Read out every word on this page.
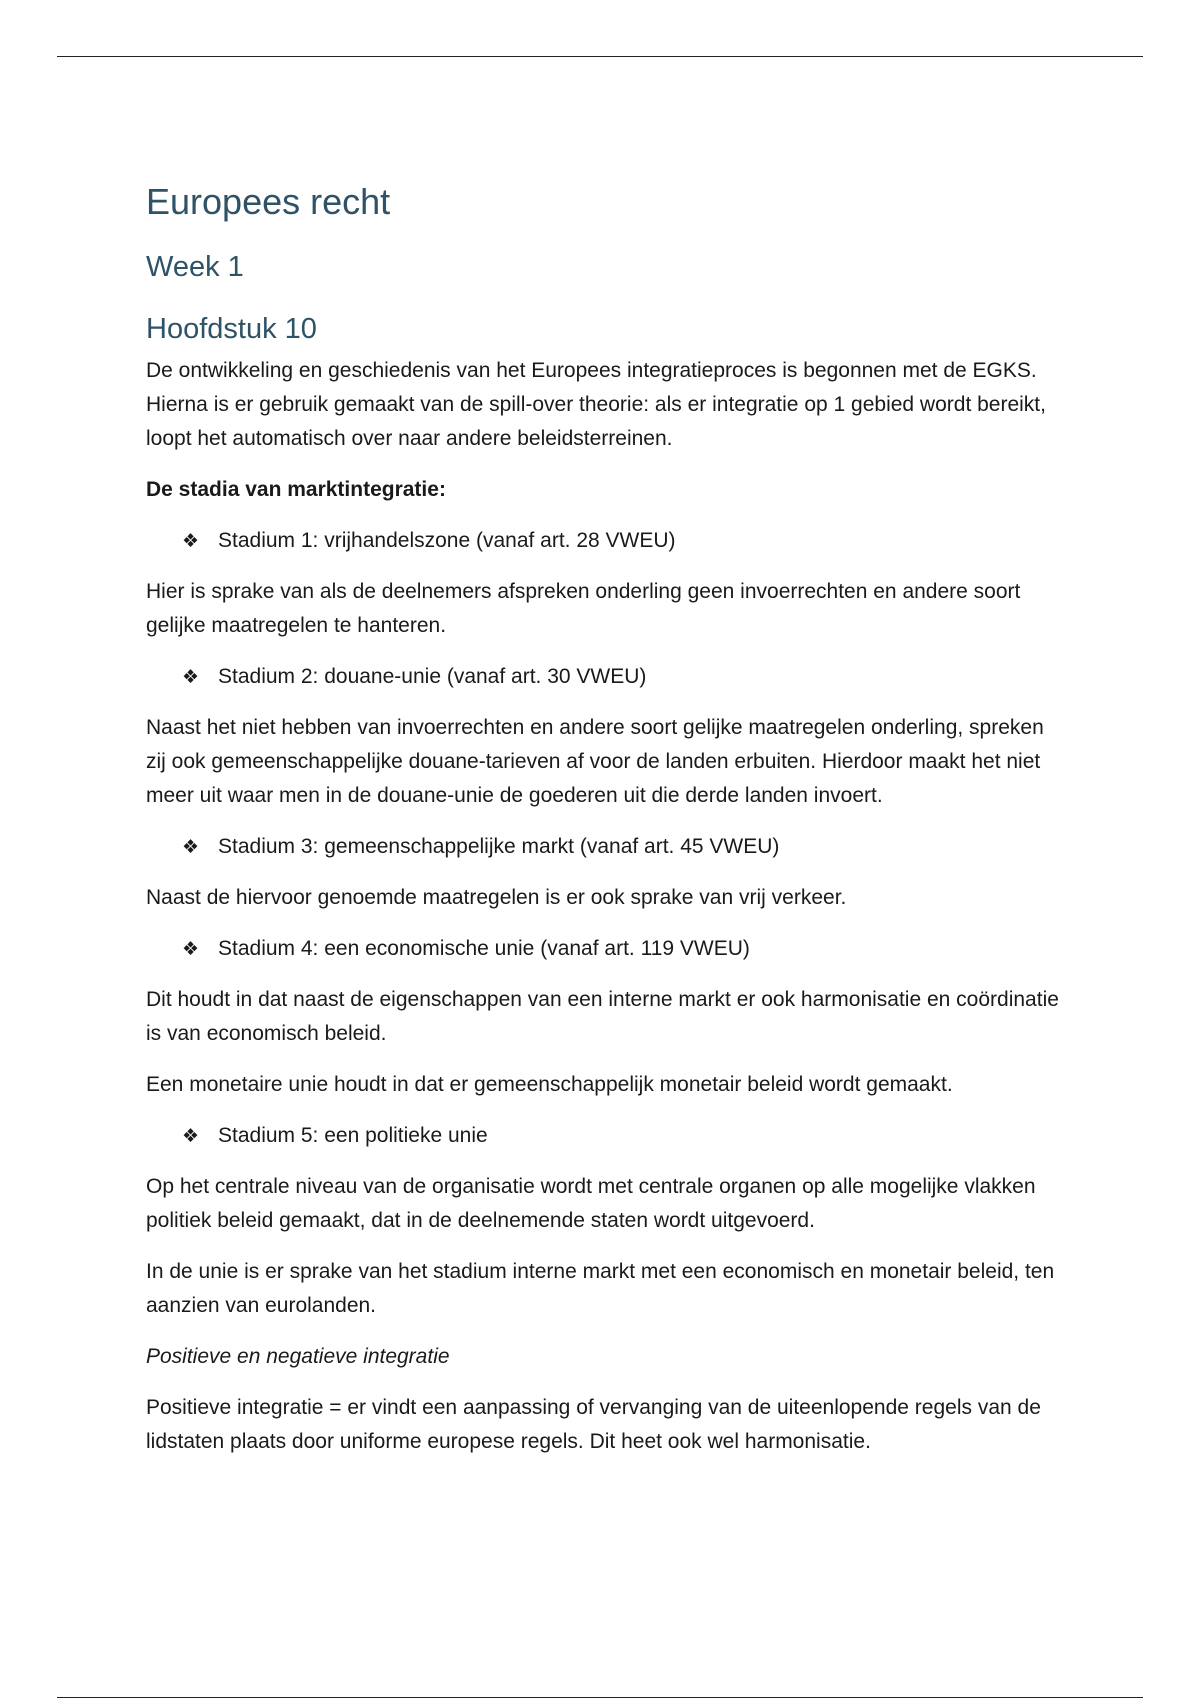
Europees recht
Week 1
Hoofdstuk 10

De ontwikkeling en geschiedenis van het Europees integratieproces is begonnen met de EGKS. Hierna is er gebruik gemaakt van de spill-over theorie: als er integratie op 1 gebied wordt bereikt, loopt het automatisch over naar andere beleidsterreinen.

De stadia van marktintegratie:

❖ Stadium 1: vrijhandelszone (vanaf art. 28 VWEU)

Hier is sprake van als de deelnemers afspreken onderling geen invoerrechten en andere soort gelijke maatregelen te hanteren.

❖ Stadium 2: douane-unie (vanaf art. 30 VWEU)

Naast het niet hebben van invoerrechten en andere soort gelijke maatregelen onderling, spreken zij ook gemeenschappelijke douane-tarieven af voor de landen erbuiten. Hierdoor maakt het niet meer uit waar men in de douane-unie de goederen uit die derde landen invoert.

❖ Stadium 3: gemeenschappelijke markt (vanaf art. 45 VWEU)

Naast de hiervoor genoemde maatregelen is er ook sprake van vrij verkeer.

❖ Stadium 4: een economische unie (vanaf art. 119 VWEU)

Dit houdt in dat naast de eigenschappen van een interne markt er ook harmonisatie en coördinatie is van economisch beleid.

Een monetaire unie houdt in dat er gemeenschappelijk monetair beleid wordt gemaakt.

❖ Stadium 5: een politieke unie

Op het centrale niveau van de organisatie wordt met centrale organen op alle mogelijke vlakken politiek beleid gemaakt, dat in de deelnemende staten wordt uitgevoerd.

In de unie is er sprake van het stadium interne markt met een economisch en monetair beleid, ten aanzien van eurolanden.

Positieve en negatieve integratie

Positieve integratie = er vindt een aanpassing of vervanging van de uiteenlopende regels van de lidstaten plaats door uniforme europese regels. Dit heet ook wel harmonisatie.
